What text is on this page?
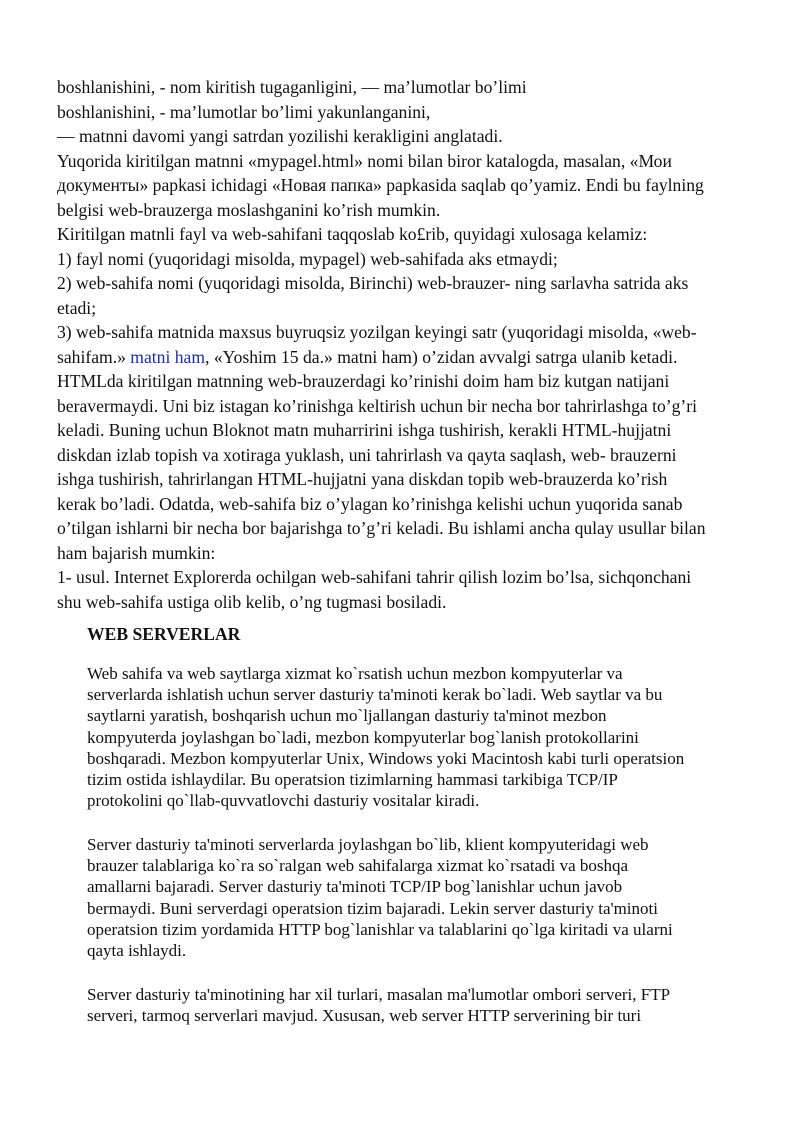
boshlanishini, - nom kiritish tugaganligini, — ma’lumotlar bo’limi

boshlanishini, - ma’lumotlar bo’limi yakunlanganini,

— matnni davomi yangi satrdan yozilishi kerakligini anglatadi.

Yuqorida kiritilgan matnni «mypagel.html» nomi bilan biror katalogda, masalan, «Мои

документы» papkasi ichidagi «Новая папка» papkasida saqlab qo’yamiz. Endi bu faylning

belgisi web-brauzerga moslashganini ko’rish mumkin.

Kiritilgan matnli fayl va web-sahifani taqqoslab ko£rib, quyidagi xulosaga kelamiz:

1) fayl nomi (yuqoridagi misolda, mypagel) web-sahifada aks etmaydi;

2) web-sahifa nomi (yuqoridagi misolda, Birinchi) web-brauzer- ning sarlavha satrida aks

etadi;

3) web-sahifa matnida maxsus buyruqsiz yozilgan keyingi satr (yuqoridagi misolda, «web-

sahifam.» matni ham, «Yoshim 15 da.» matni ham) o’zidan avvalgi satrga ulanib ketadi.

HTMLda kiritilgan matnning web-brauzerdagi ko’rinishi doim ham biz kutgan natijani

beravermaydi. Uni biz istagan ko’rinishga keltirish uchun bir necha bor tahrirlashga to’g’ri

keladi. Buning uchun Bloknot matn muharririni ishga tushirish, kerakli HTML-hujjatni

diskdan izlab topish va xotiraga yuklash, uni tahrirlash va qayta saqlash, web- brauzerni

ishga tushirish, tahrirlangan HTML-hujjatni yana diskdan topib web-brauzerda ko’rish

kerak bo’ladi. Odatda, web-sahifa biz o’ylagan ko’rinishga kelishi uchun yuqorida sanab

o’tilgan ishlarni bir necha bor bajarishga to’g’ri keladi. Bu ishlami ancha qulay usullar bilan

ham bajarish mumkin:

1- usul. Internet Explorerda ochilgan web-sahifani tahrir qilish lozim bo’lsa, sichqonchani

shu web-sahifa ustiga olib kelib, o’ng tugmasi bosiladi.

WEB SERVERLAR

Web sahifa va web saytlarga xizmat ko`rsatish uchun mezbon kompyuterlar va

serverlarda ishlatish uchun server dasturiy ta'minoti kerak bo`ladi. Web saytlar va bu

saytlarni yaratish, boshqarish uchun mo`ljallangan dasturiy ta'minot mezbon

kompyuterda joylashgan bo`ladi, mezbon kompyuterlar bog`lanish protokollarini

boshqaradi. Mezbon kompyuterlar Unix, Windows yoki Macintosh kabi turli operatsion

tizim ostida ishlaydilar. Bu operatsion tizimlarning hammasi tarkibiga TCP/IP

protokolini qo`llab-quvvatlovchi dasturiy vositalar kiradi.

Server dasturiy ta'minoti serverlarda joylashgan bo`lib, klient kompyuteridagi web

brauzer talablariga ko`ra so`ralgan web sahifalarga xizmat ko`rsatadi va boshqa

amallarni bajaradi. Server dasturiy ta'minoti TCP/IP bog`lanishlar uchun javob

bermaydi. Buni serverdagi operatsion tizim bajaradi. Lekin server dasturiy ta'minoti

operatsion tizim yordamida HTTP bog`lanishlar va talablarini qo`lga kiritadi va ularni

qayta ishlaydi.

Server dasturiy ta'minotining har xil turlari, masalan ma'lumotlar ombori serveri, FTP

serveri, tarmoq serverlari mavjud. Xususan, web server HTTP serverining bir turi
